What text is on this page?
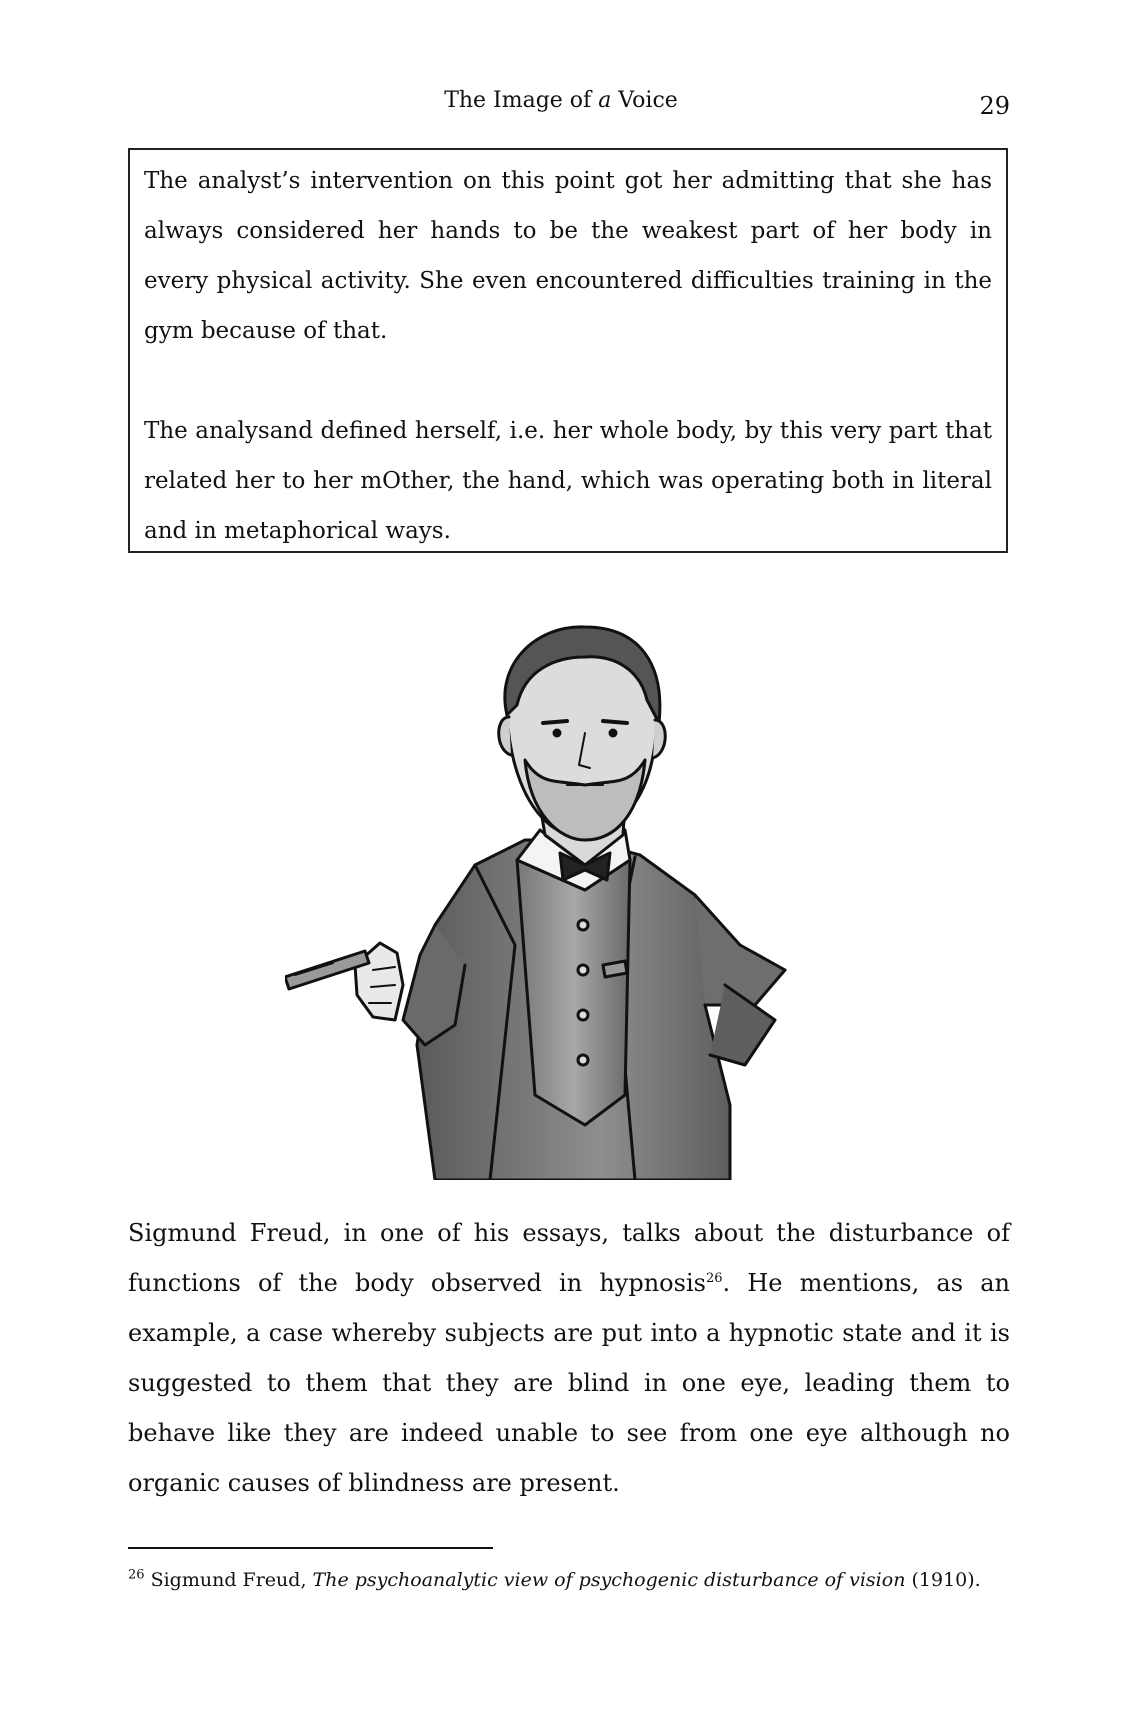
The Image of a Voice	29

The analyst’s intervention on this point got her admitting that she has always considered her hands to be the weakest part of her body in every physical activity. She even encountered difficulties training in the gym because of that.

The analysand defined herself, i.e. her whole body, by this very part that related her to her mOther, the hand, which was operating both in literal and in metaphorical ways.

Sigmund Freud, in one of his essays, talks about the disturbance of functions of the body observed in hypnosis$^{26}$. He mentions, as an example, a case whereby subjects are put into a hypnotic state and it is suggested to them that they are blind in one eye, leading them to behave like they are indeed unable to see from one eye although no organic causes of blindness are present.

$^{26}$ Sigmund Freud, The psychoanalytic view of psychogenic disturbance of vision (1910).
